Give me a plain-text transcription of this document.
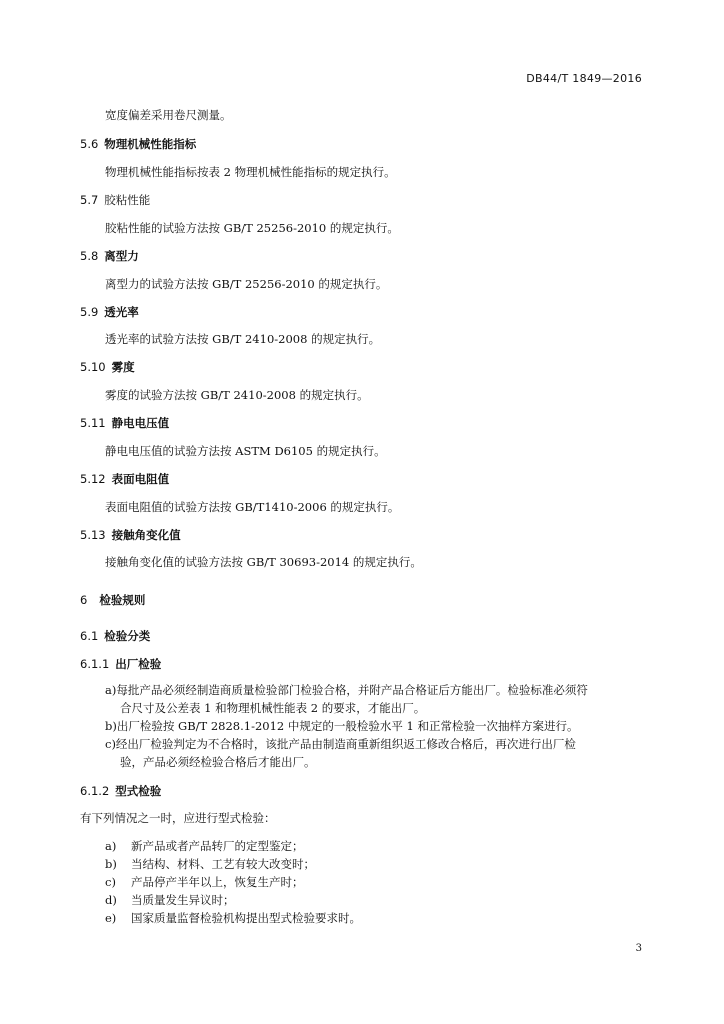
DB44/T 1849—2016
宽度偏差采用卷尺测量。
5.6 物理机械性能指标
物理机械性能指标按表 2 物理机械性能指标的规定执行。
5.7 胶粘性能
胶粘性能的试验方法按 GB/T 25256-2010 的规定执行。
5.8 离型力
离型力的试验方法按 GB/T 25256-2010 的规定执行。
5.9 透光率
透光率的试验方法按 GB/T 2410-2008 的规定执行。
5.10 雾度
雾度的试验方法按 GB/T 2410-2008 的规定执行。
5.11 静电电压值
静电电压值的试验方法按 ASTM D6105 的规定执行。
5.12 表面电阻值
表面电阻值的试验方法按 GB/T1410-2006 的规定执行。
5.13 接触角变化值
接触角变化值的试验方法按 GB/T 30693-2014 的规定执行。
6 检验规则
6.1 检验分类
6.1.1 出厂检验
a)每批产品必须经制造商质量检验部门检验合格，并附产品合格证后方能出厂。检验标准必须符
合尺寸及公差表 1 和物理机械性能表 2 的要求，才能出厂。
b)出厂检验按 GB/T 2828.1-2012 中规定的一般检验水平 1 和正常检验一次抽样方案进行。
c)经出厂检验判定为不合格时，该批产品由制造商重新组织返工修改合格后，再次进行出厂检
验，产品必须经检验合格后才能出厂。
6.1.2 型式检验
有下列情况之一时，应进行型式检验：
a) 新产品或者产品转厂的定型鉴定；
b) 当结构、材料、工艺有较大改变时；
c) 产品停产半年以上，恢复生产时；
d) 当质量发生异议时；
e) 国家质量监督检验机构提出型式检验要求时。
3
